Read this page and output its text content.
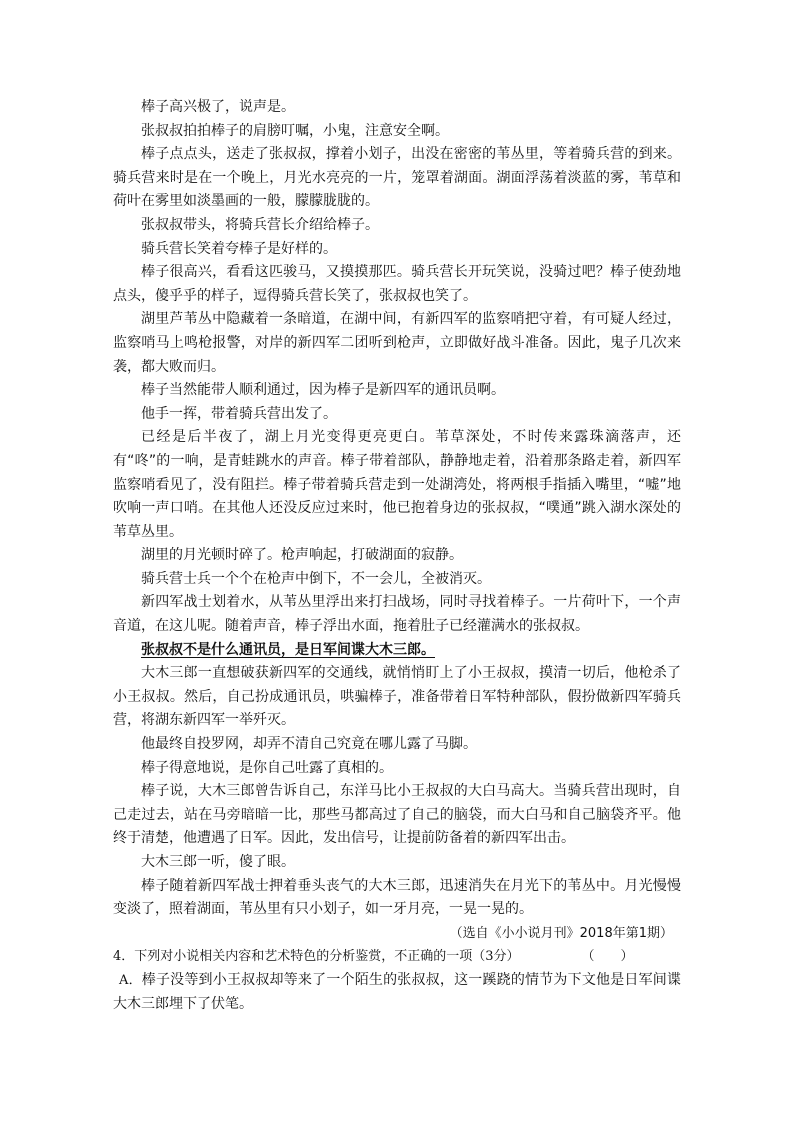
棒子高兴极了，说声是。

张叔叔拍拍棒子的肩膀叮嘱，小鬼，注意安全啊。

棒子点点头，送走了张叔叔，撑着小划子，出没在密密的苇丛里，等着骑兵营的到来。骑兵营来时是在一个晚上，月光水亮亮的一片，笼罩着湖面。湖面浮荡着淡蓝的雾，苇草和荷叶在雾里如淡墨画的一般，朦朦胧胧的。

张叔叔带头，将骑兵营长介绍给棒子。

骑兵营长笑着夸棒子是好样的。

棒子很高兴，看看这匹骏马，又摸摸那匹。骑兵营长开玩笑说，没骑过吧？棒子使劲地点头，傻乎乎的样子，逗得骑兵营长笑了，张叔叔也笑了。

湖里芦苇丛中隐藏着一条暗道，在湖中间，有新四军的监察哨把守着，有可疑人经过，监察哨马上鸣枪报警，对岸的新四军二团听到枪声，立即做好战斗准备。因此，鬼子几次来袭，都大败而归。

棒子当然能带人顺利通过，因为棒子是新四军的通讯员啊。

他手一挥，带着骑兵营出发了。

已经是后半夜了，湖上月光变得更亮更白。苇草深处，不时传来露珠滴落声，还有“咚”的一响，是青蛙跳水的声音。棒子带着部队，静静地走着，沿着那条路走着，新四军监察哨看见了，没有阻拦。棒子带着骑兵营走到一处湖湾处，将两根手指插入嘴里，“嘘”地吹响一声口哨。在其他人还没反应过来时，他已抱着身边的张叔叔，“噗通”跳入湖水深处的苇草丛里。

湖里的月光顿时碎了。枪声响起，打破湖面的寂静。

骑兵营士兵一个个在枪声中倒下，不一会儿，全被消灭。

新四军战士划着水，从苇丛里浮出来打扫战场，同时寻找着棒子。一片荷叶下，一个声音道，在这儿呢。随着声音，棒子浮出水面，拖着肚子已经灌满水的张叔叔。

张叔叔不是什么通讯员，是日军间谍大木三郎。

大木三郎一直想破获新四军的交通线，就悄悄盯上了小王叔叔，摸清一切后，他枪杀了小王叔叔。然后，自己扮成通讯员，哄骗棒子，准备带着日军特种部队，假扮做新四军骑兵营，将湖东新四军一举歼灭。

他最终自投罗网，却弄不清自己究竟在哪儿露了马脚。

棒子得意地说，是你自己吐露了真相的。

棒子说，大木三郎曾告诉自己，东洋马比小王叔叔的大白马高大。当骑兵营出现时，自己走过去，站在马旁暗暗一比，那些马都高过了自己的脑袋，而大白马和自己脑袋齐平。他终于清楚，他遭遇了日军。因此，发出信号，让提前防备着的新四军出击。

大木三郎一听，傻了眼。

棒子随着新四军战士押着垂头丧气的大木三郎，迅速消失在月光下的苇丛中。月光慢慢变淡了，照着湖面，苇丛里有只小划子，如一牙月亮，一晃一晃的。

（选自《小小说月刊》2018年第1期）

4．下列对小说相关内容和艺术特色的分析鉴赏，不正确的一项（3分）	（　　）

A．棒子没等到小王叔叔却等来了一个陌生的张叔叔，这一蹊跷的情节为下文他是日军间谍大木三郎埋下了伏笔。
